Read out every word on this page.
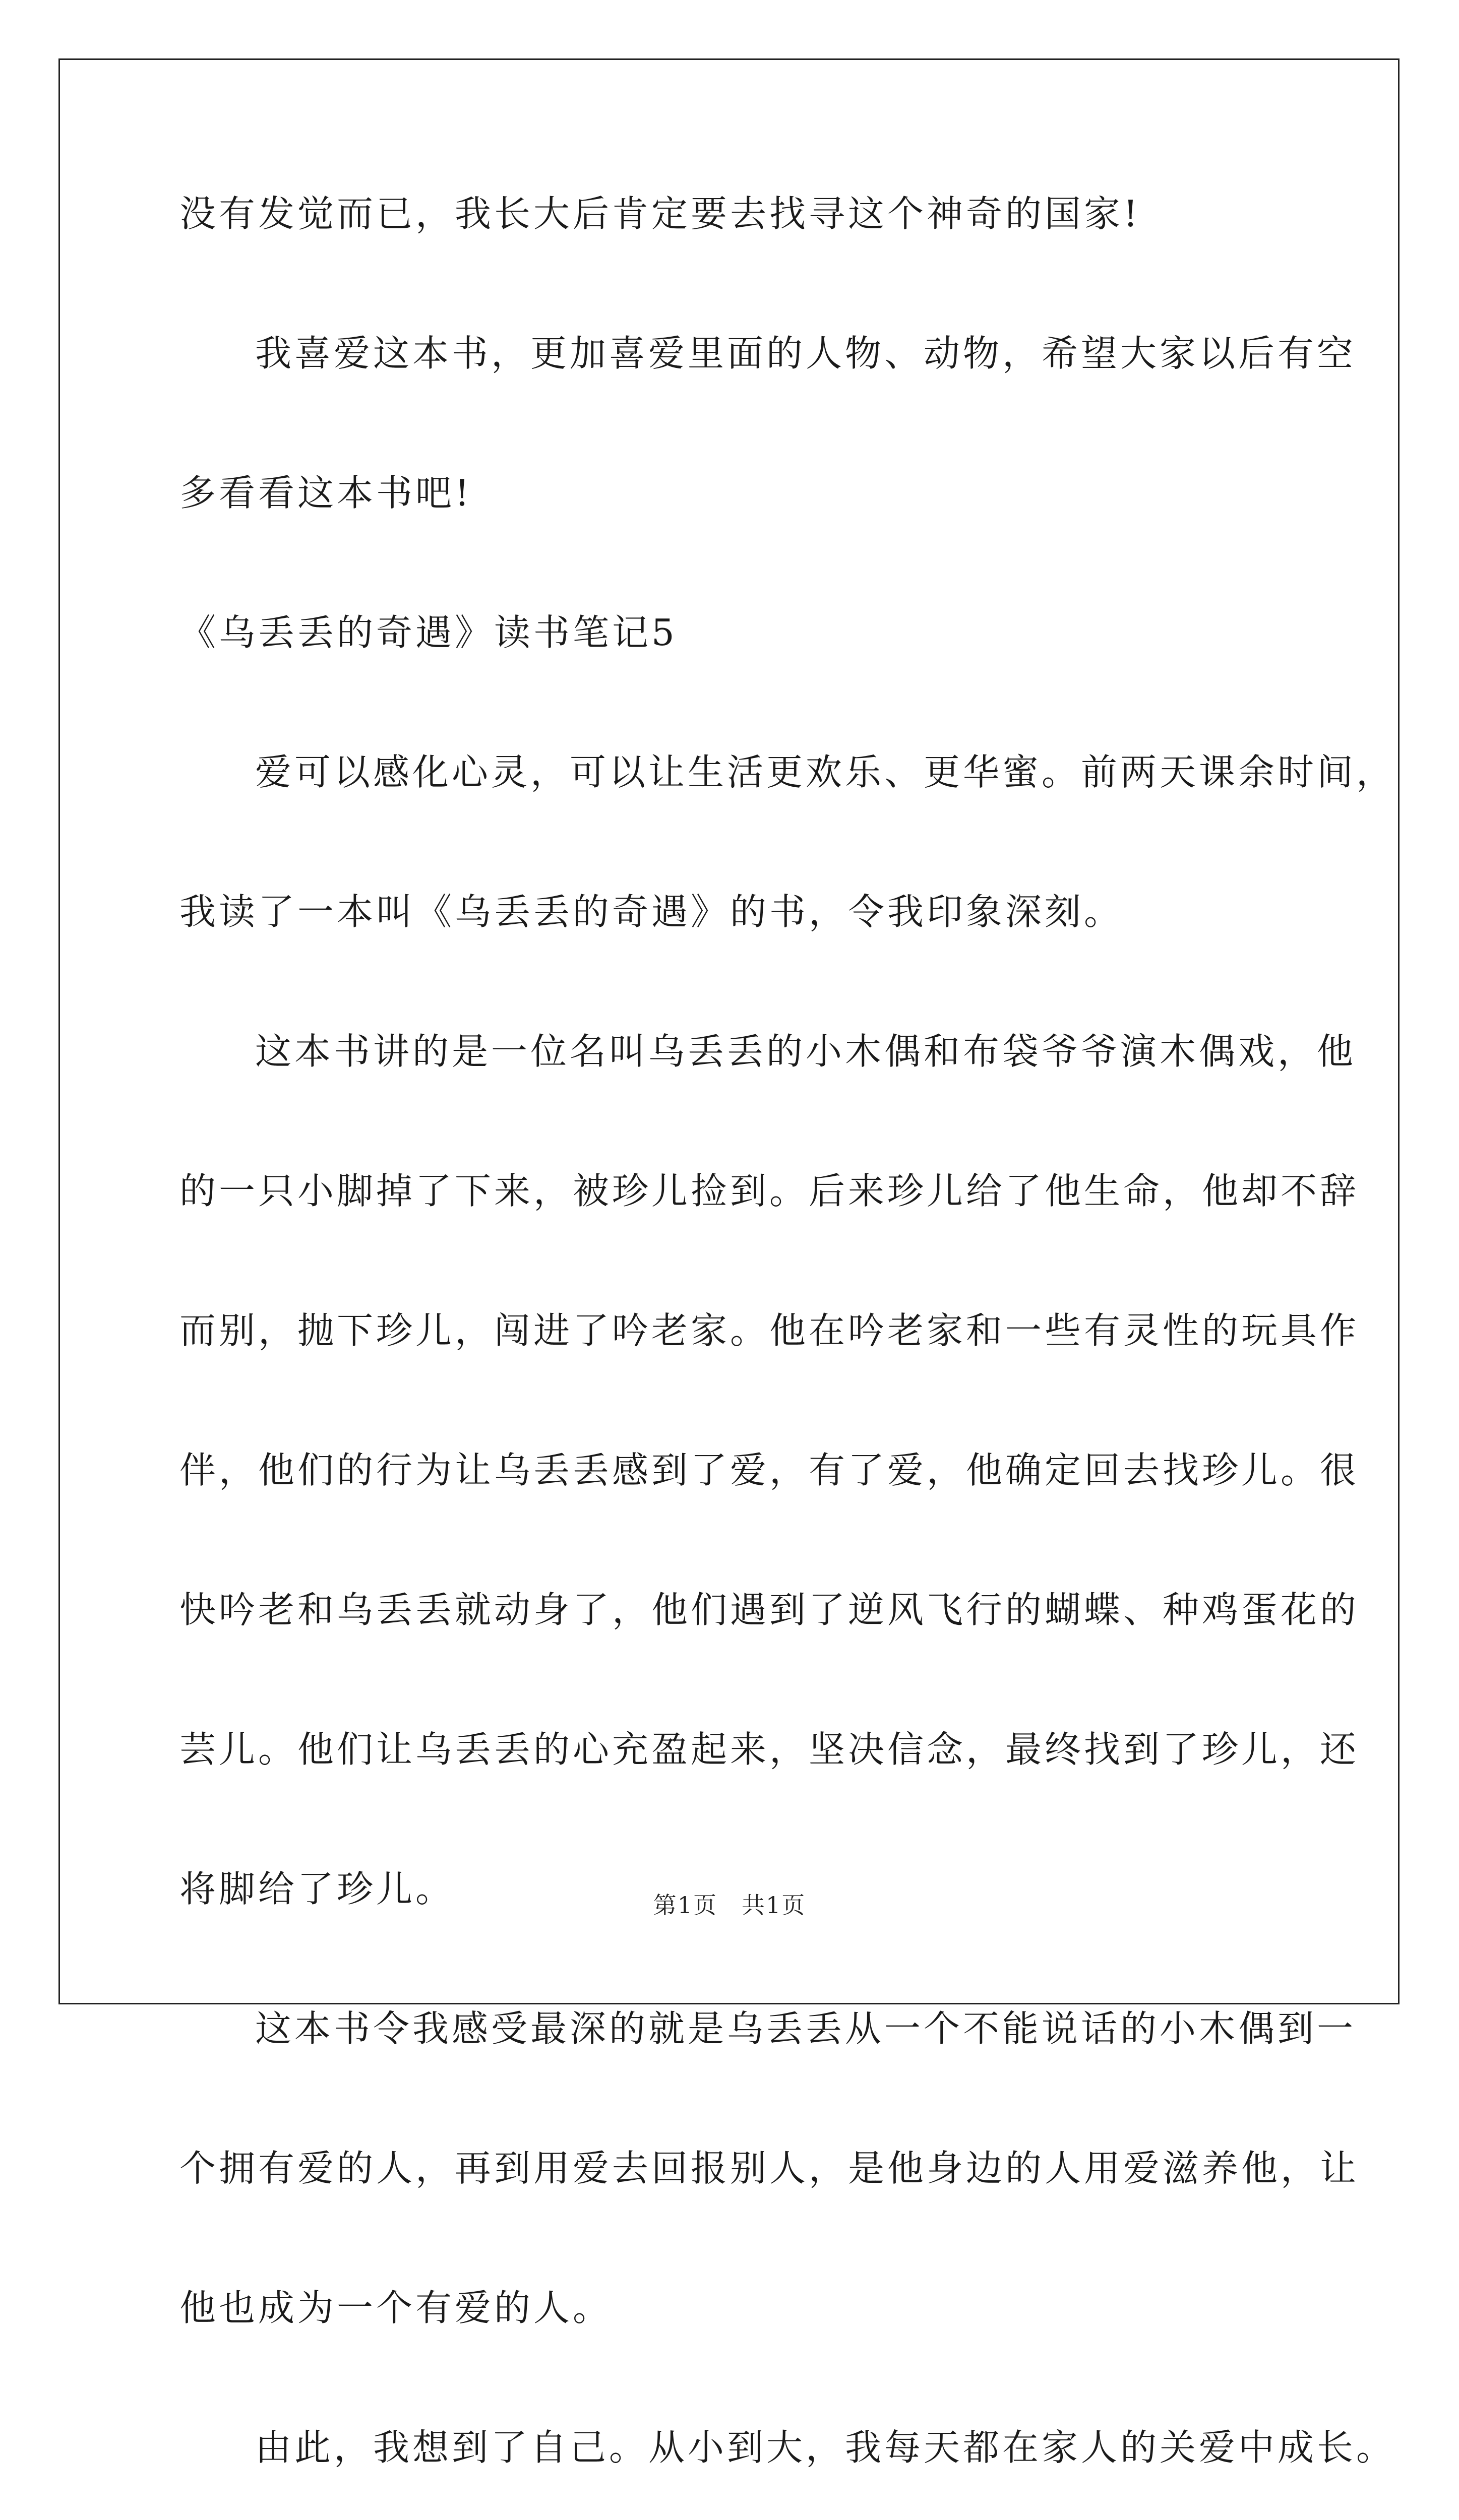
没有发觉而已，我长大后肯定要去找寻这个神奇的国家!

我喜爱这本书，更加喜爱里面的人物、动物，希望大家以后有空

多看看这本书吧!

《乌丢丢的奇遇》读书笔记5

爱可以感化心灵，可以让生活更欢乐、更华蜜。前两天课余时间，

我读了一本叫《乌丢丢的奇遇》的书，令我印象深刻。

这本书讲的是一位名叫乌丢丢的小木偶和布袋爷爷演木偶戏，他

的一只小脚掉了下来，被珍儿捡到。后来珍儿给了他生命，他却不辞

而别，抛下珍儿，闯进了吟老家。他在吟老家和一些有灵性的玩具作

伴，他们的行为让乌丢丢感到了爱，有了爱，他确定回去找珍儿。很

快吟老和乌丢丢就动身了，他们遇到了逆风飞行的蝴蝶、种鸡蛋花的

芸儿。他们让乌丢丢的心充盈起来，坚决信念，最终找到了珍儿，还

将脚给了珍儿。

这本书令我感受最深的就是乌丢丢从一个不能说话的小木偶到一

个拥有爱的人，再到用爱去回报别人，是他身边的人用爱滋养他，让

他也成为一个有爱的人。

由此，我想到了自己。从小到大，我每天都在家人的关爱中成长。

第1页　共1页
